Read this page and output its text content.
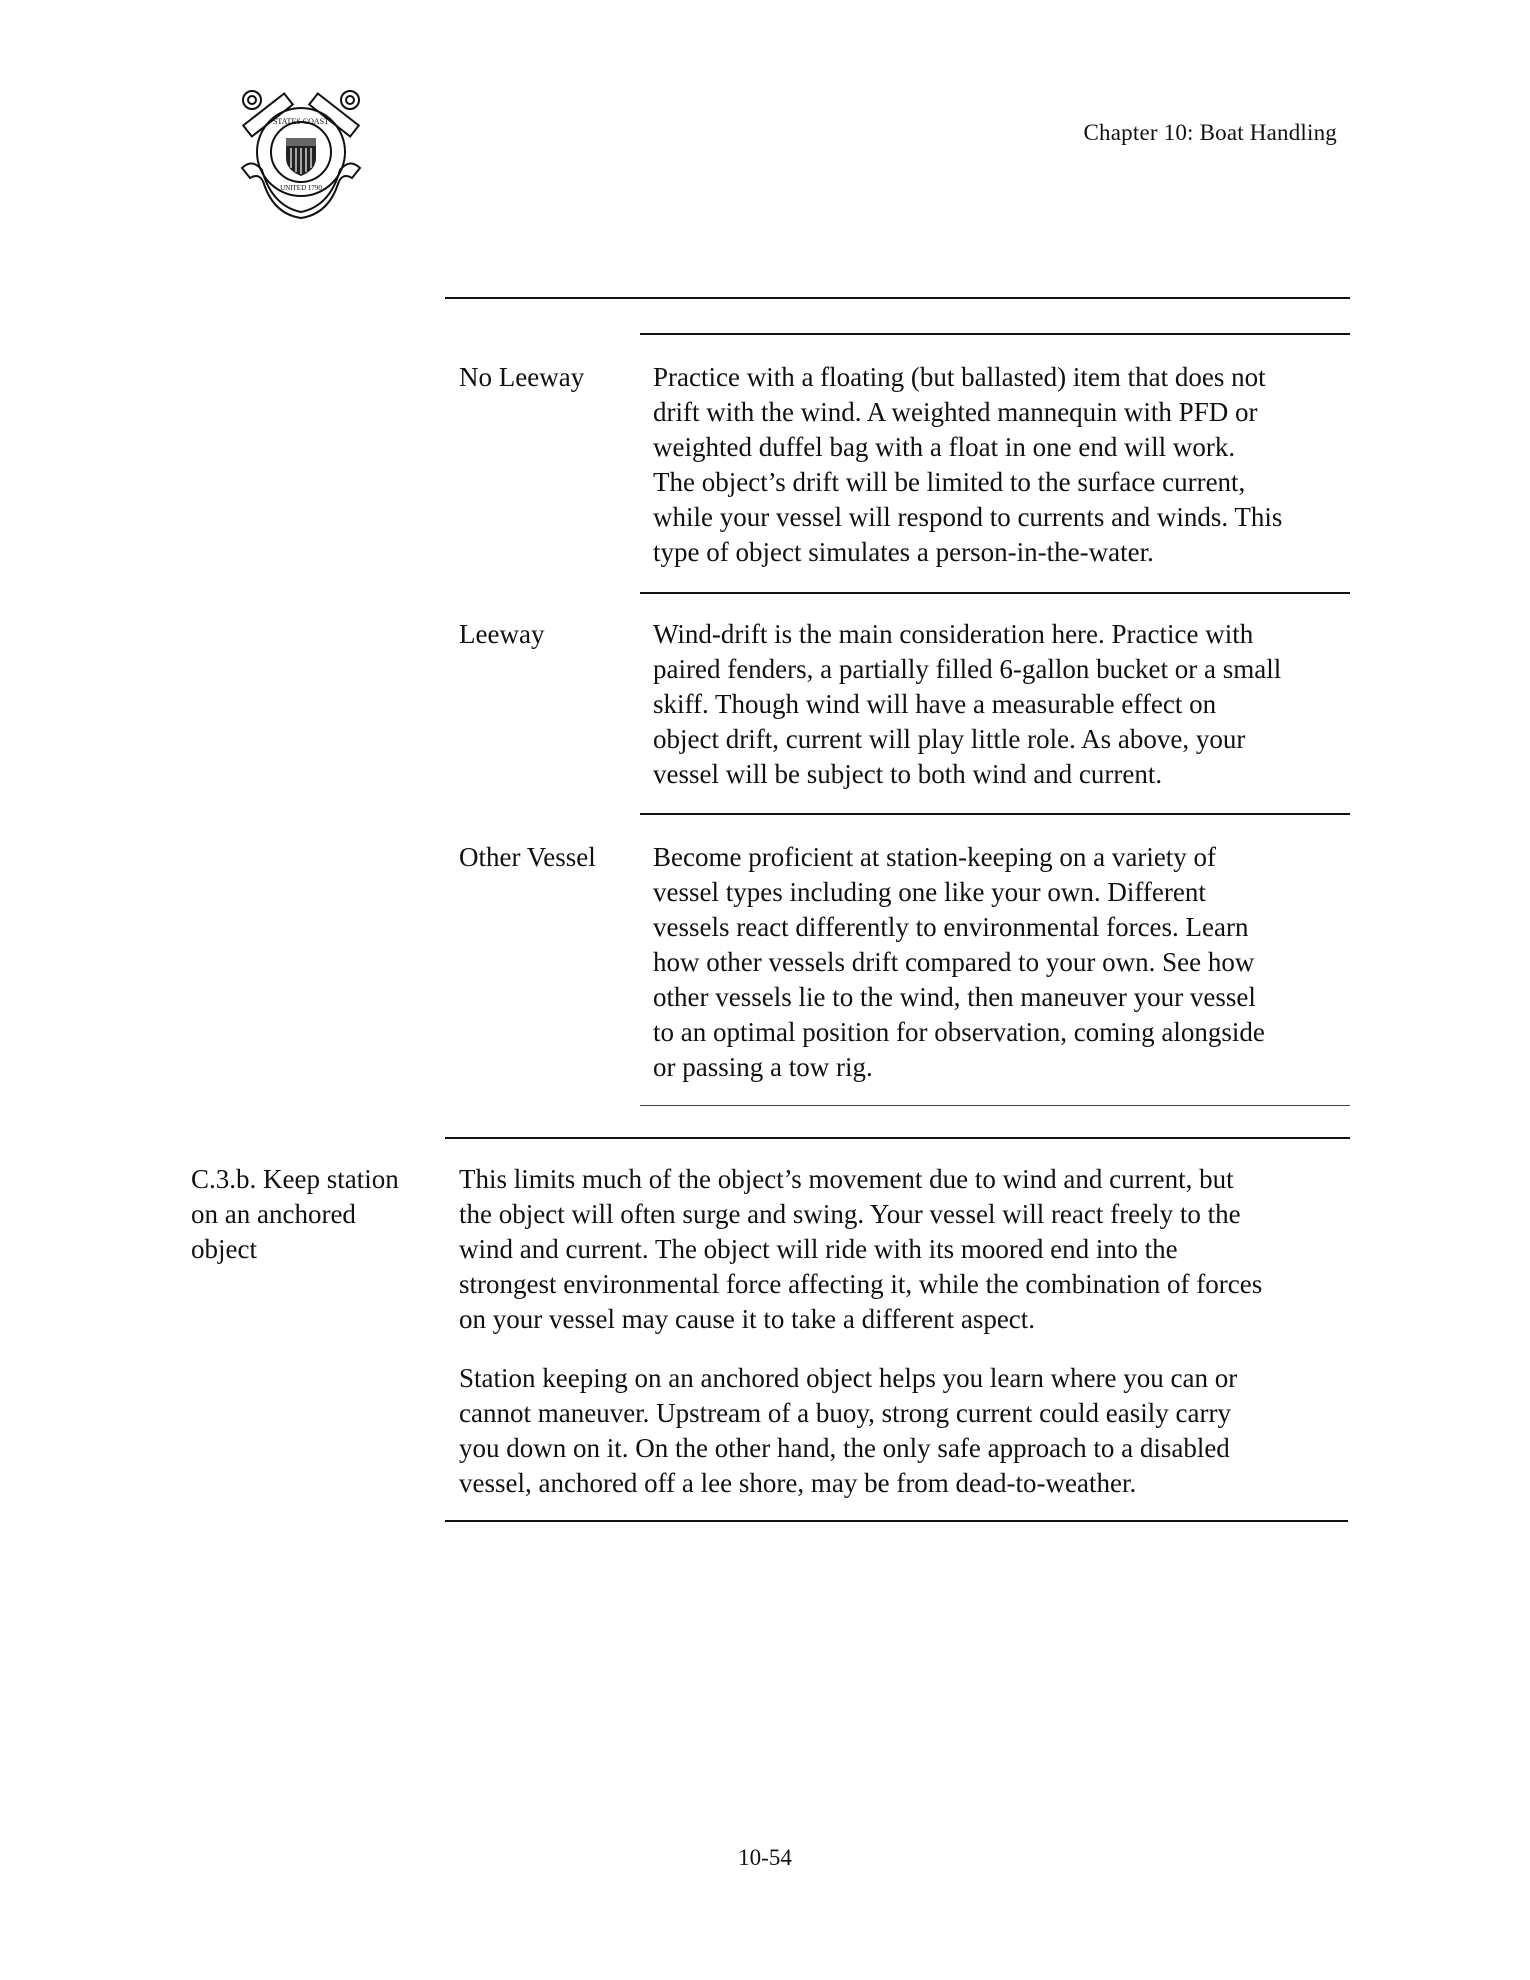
STATES COAST
UNITED 1790
Chapter 10: Boat Handling
No Leeway	Practice with a floating (but ballasted) item that does not
drift with the wind. A weighted mannequin with PFD or
weighted duffel bag with a float in one end will work.
The object’s drift will be limited to the surface current,
while your vessel will respond to currents and winds. This
type of object simulates a person-in-the-water.
Leeway	Wind-drift is the main consideration here. Practice with
paired fenders, a partially filled 6-gallon bucket or a small
skiff. Though wind will have a measurable effect on
object drift, current will play little role. As above, your
vessel will be subject to both wind and current.
Other Vessel Become proficient at station-keeping on a variety of
vessel types including one like your own. Different
vessels react differently to environmental forces. Learn
how other vessels drift compared to your own. See how
other vessels lie to the wind, then maneuver your vessel
to an optimal position for observation, coming alongside
or passing a tow rig.
C.3.b. Keep station
on an anchored
object

This limits much of the object’s movement due to wind and current, but
the object will often surge and swing. Your vessel will react freely to the
wind and current. The object will ride with its moored end into the
strongest environmental force affecting it, while the combination of forces
on your vessel may cause it to take a different aspect.

Station keeping on an anchored object helps you learn where you can or
cannot maneuver. Upstream of a buoy, strong current could easily carry
you down on it. On the other hand, the only safe approach to a disabled
vessel, anchored off a lee shore, may be from dead-to-weather.

10-54
